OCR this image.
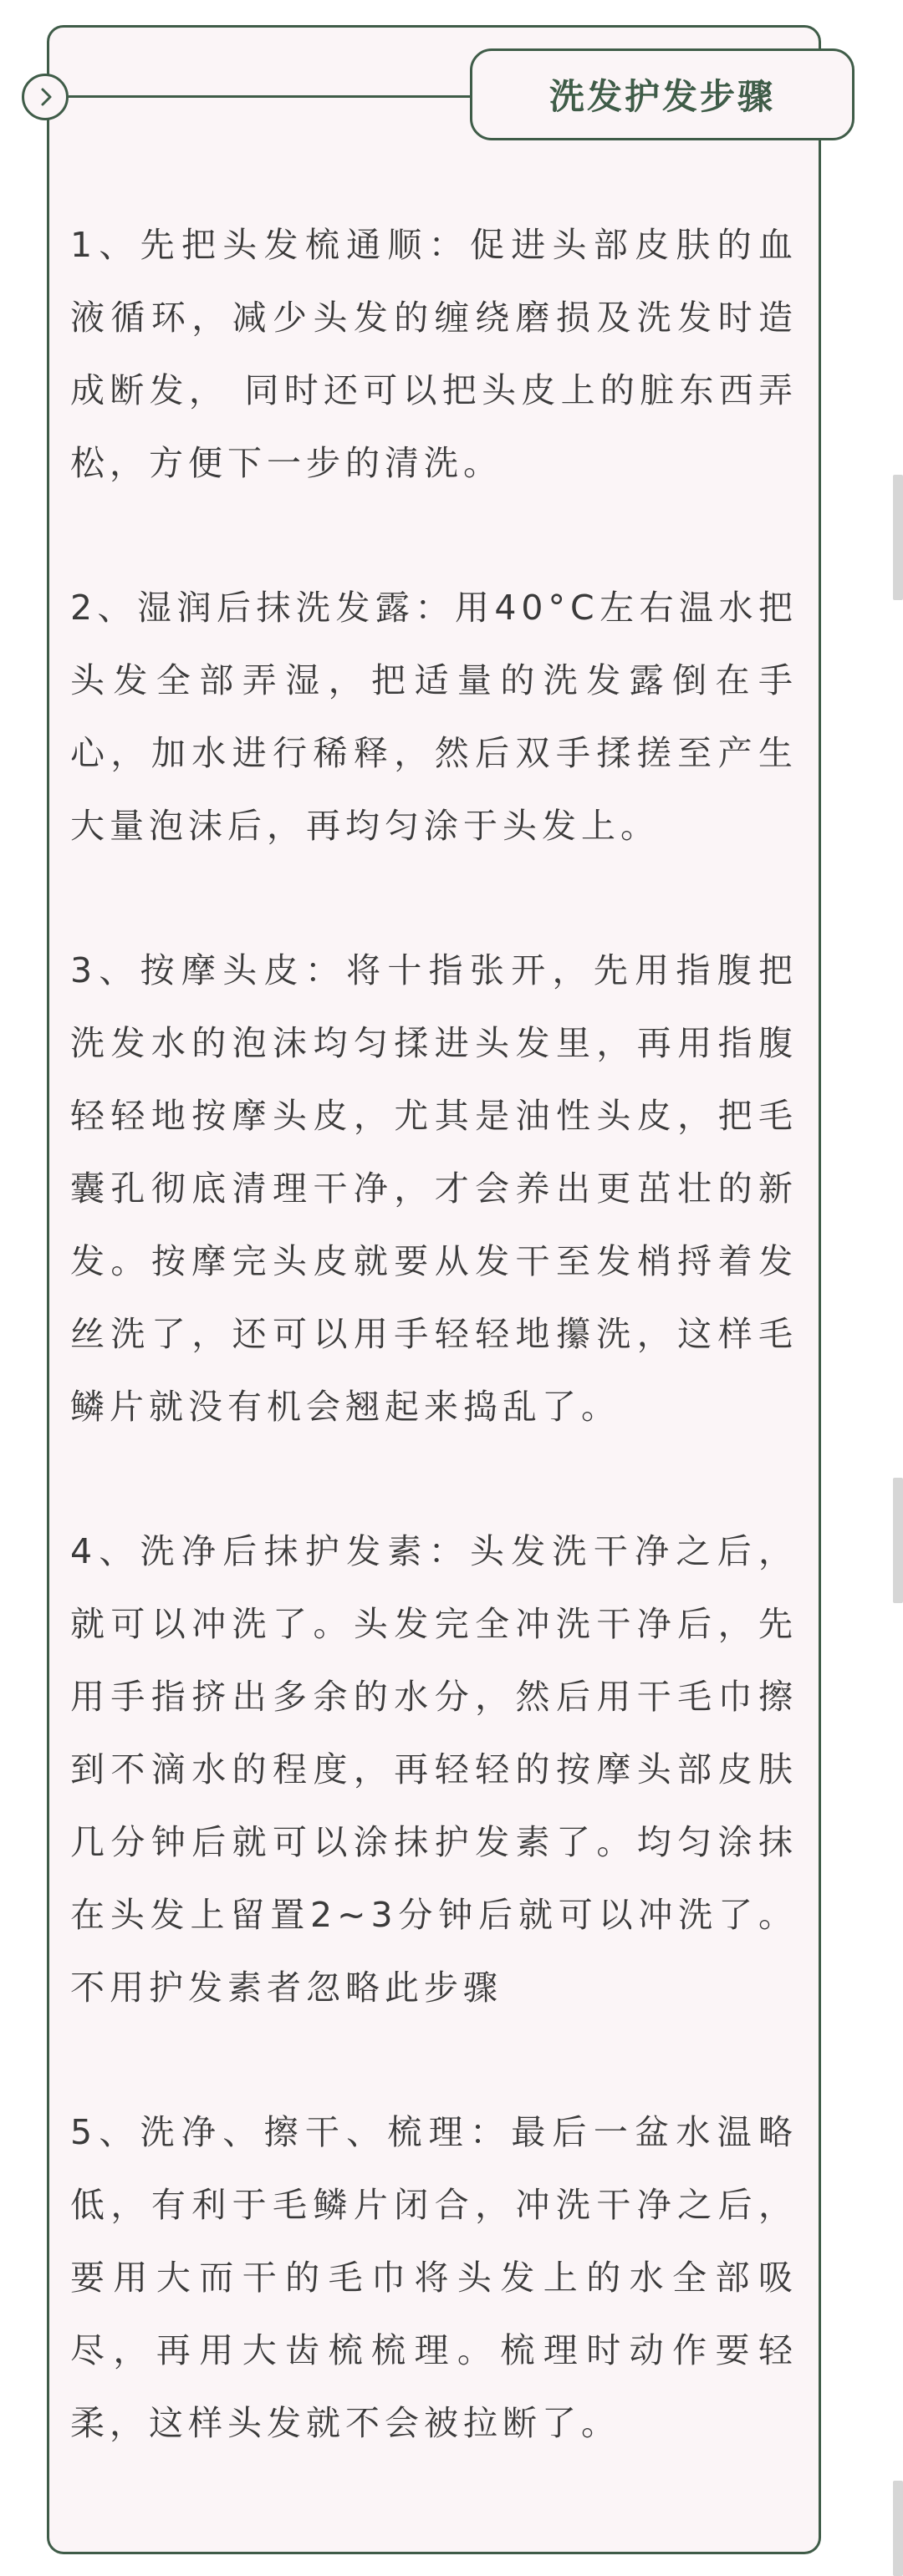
洗发护发步骤

1、先把头发梳通顺：促进头部皮肤的血液循环，减少头发的缠绕磨损及洗发时造成断发， 同时还可以把头皮上的脏东西弄松，方便下一步的清洗。

2、湿润后抹洗发露：用40°C左右温水把头发全部弄湿，把适量的洗发露倒在手心，加水进行稀释，然后双手揉搓至产生大量泡沫后，再均匀涂于头发上。

3、按摩头皮：将十指张开，先用指腹把洗发水的泡沫均匀揉进头发里，再用指腹轻轻地按摩头皮，尤其是油性头皮，把毛囊孔彻底清理干净，才会养出更茁壮的新发。按摩完头皮就要从发干至发梢捋着发丝洗了，还可以用手轻轻地攥洗，这样毛鳞片就没有机会翘起来捣乱了。

4、洗净后抹护发素：头发洗干净之后，就可以冲洗了。头发完全冲洗干净后，先用手指挤出多余的水分，然后用干毛巾擦到不滴水的程度，再轻轻的按摩头部皮肤几分钟后就可以涂抹护发素了。均匀涂抹在头发上留置2~3分钟后就可以冲洗了。不用护发素者忽略此步骤

5、洗净、擦干、梳理：最后一盆水温略低，有利于毛鳞片闭合，冲洗干净之后，要用大而干的毛巾将头发上的水全部吸尽，再用大齿梳梳理。梳理时动作要轻柔，这样头发就不会被拉断了。
